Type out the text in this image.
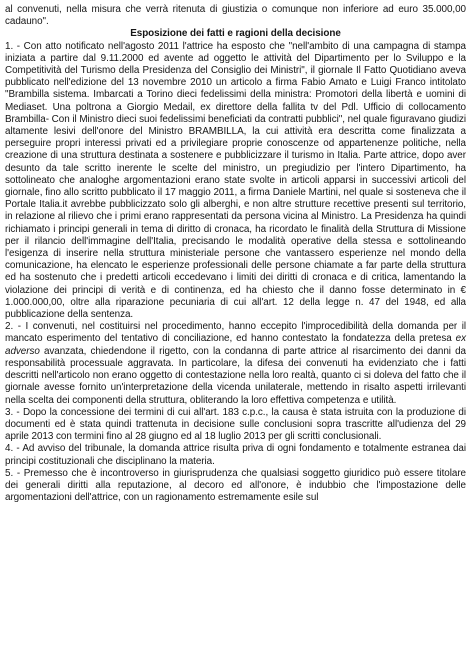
al convenuti, nella misura che verrà ritenuta di giustizia o comunque non inferiore ad euro 35.000,00 cadauno".

Esposizione dei fatti e ragioni della decisione

1. - Con atto notificato nell'agosto 2011 l'attrice ha esposto che "nell'ambito di una campagna di stampa iniziata a partire dal 9.11.2000 ed avente ad oggetto le attività del Dipartimento per lo Sviluppo e la Competitività del Turismo della Presidenza del Consiglio dei Ministri", il giornale Il Fatto Quotidiano aveva pubblicato nell'edizione del 13 novembre 2010 un articolo a firma Fabio Amato e Luigi Franco intitolato "Brambilla sistema. Imbarcati a Torino dieci fedelissimi della ministra: Promotori della libertà e uomini di Mediaset. Una poltrona a Giorgio Medail, ex direttore della fallita tv del Pdl. Ufficio di collocamento Brambilla- Con il Ministro dieci suoi fedelissimi beneficiati da contratti pubblici", nel quale figuravano giudizi altamente lesivi dell'onore del Ministro BRAMBILLA, la cui attività era descritta come finalizzata a perseguire propri interessi privati ed a privilegiare proprie conoscenze od appartenenze politiche, nella creazione di una struttura destinata a sostenere e pubblicizzare il turismo in Italia. Parte attrice, dopo aver desunto da tale scritto inerente le scelte del ministro, un pregiudizio per l'intero Dipartimento, ha sottolineato che analoghe argomentazioni erano state svolte in articoli apparsi in successivi articoli del giornale, fino allo scritto pubblicato il 17 maggio 2011, a firma Daniele Martini, nel quale si sosteneva che il Portale Italia.it avrebbe pubblicizzato solo gli alberghi, e non altre strutture recettive presenti sul territorio, in relazione al rilievo che i primi erano rappresentati da persona vicina al Ministro. La Presidenza ha quindi richiamato i principi generali in tema di diritto di cronaca, ha ricordato le finalità della Struttura di Missione per il rilancio dell'immagine dell'Italia, precisando le modalità operative della stessa e sottolineando l'esigenza di inserire nella struttura ministeriale persone che vantassero esperienze nel mondo della comunicazione, ha elencato le esperienze professionali delle persone chiamate a far parte della struttura ed ha sostenuto che i predetti articoli eccedevano i limiti dei diritti di cronaca e di critica, lamentando la violazione dei principi di verità e di continenza, ed ha chiesto che il danno fosse determinato in € 1.000.000,00, oltre alla riparazione pecuniaria di cui all'art. 12 della legge n. 47 del 1948, ed alla pubblicazione della sentenza.

2. - I convenuti, nel costituirsi nel procedimento, hanno eccepito l'improcedibilità della domanda per il mancato esperimento del tentativo di conciliazione, ed hanno contestato la fondatezza della pretesa ex adverso avanzata, chiedendone il rigetto, con la condanna di parte attrice al risarcimento dei danni da responsabilità processuale aggravata. In particolare, la difesa dei convenuti ha evidenziato che i fatti descritti nell'articolo non erano oggetto di contestazione nella loro realtà, quanto ci si doleva del fatto che il giornale avesse fornito un'interpretazione della vicenda unilaterale, mettendo in risalto aspetti irrilevanti nella scelta dei componenti della struttura, obliterando la loro effettiva competenza e utilità.

3. - Dopo la concessione dei termini di cui all'art. 183 c.p.c., la causa è stata istruita con la produzione di documenti ed è stata quindi trattenuta in decisione sulle conclusioni sopra trascritte all'udienza del 29 aprile 2013 con termini fino al 28 giugno ed al 18 luglio 2013 per gli scritti conclusionali.

4. - Ad avviso del tribunale, la domanda attrice risulta priva di ogni fondamento e totalmente estranea dai principi costituzionali che disciplinano la materia.

5. - Premesso che è incontroverso in giurisprudenza che qualsiasi soggetto giuridico può essere titolare dei generali diritti alla reputazione, al decoro ed all'onore, è indubbio che l'impostazione delle argomentazioni dell'attrice, con un ragionamento estremamente esile sul
